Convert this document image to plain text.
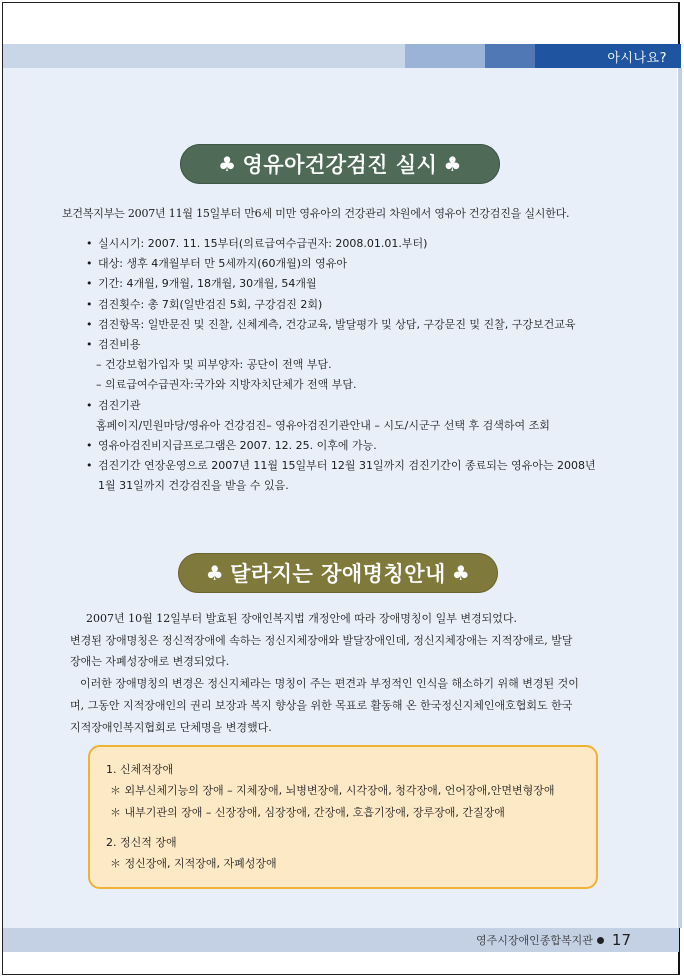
아시나요?
♣ 영유아건강검진 실시 ♣
보건복지부는 2007년 11월 15일부터 만6세 미만 영유아의 건강관리 차원에서 영유아 건강검진을 실시한다.
• 실시시기: 2007. 11. 15부터(의료급여수급권자: 2008.01.01.부터)
• 대상: 생후 4개월부터 만 5세까지(60개월)의 영유아
• 기간: 4개월, 9개월, 18개월, 30개월, 54개월
• 검진횟수: 총 7회(일반검진 5회, 구강검진 2회)
• 검진항목: 일반문진 및 진찰, 신체계측, 건강교육, 발달평가 및 상담, 구강문진 및 진찰, 구강보건교육
• 검진비용
– 건강보험가입자 및 피부양자: 공단이 전액 부담.
– 의료급여수급권자:국가와 지방자치단체가 전액 부담.
• 검진기관
홈페이지/민원마당/영유아 건강검진– 영유아검진기관안내 – 시도/시군구 선택 후 검색하여 조회
• 영유아검진비지급프로그램은 2007. 12. 25. 이후에 가능.
• 검진기간 연장운영으로 2007년 11월 15일부터 12월 31일까지 검진기간이 종료되는 영유아는 2008년
1월 31일까지 건강검진을 받을 수 있음.
♣ 달라지는 장애명칭안내 ♣

2007년 10월 12일부터 발효된 장애인복지법 개정안에 따라 장애명칭이 일부 변경되었다.

변경된 장애명칭은 정신적장애에 속하는 정신지체장애와 발달장애인데, 정신지체장애는 지적장애로, 발달

장애는 자폐성장애로 변경되었다.

이러한 장애명칭의 변경은 정신지체라는 명칭이 주는 편견과 부정적인 인식을 해소하기 위해 변경된 것이

며, 그동안 지적장애인의 권리 보장과 복지 향상을 위한 목표로 활동해 온 한국정신지체인애호협회도 한국

지적장애인복지협회로 단체명을 변경했다.

1. 신체적장애
＊ 외부신체기능의 장애 – 지체장애, 뇌병변장애, 시각장애, 청각장애, 언어장애,안면변형장애
＊ 내부기관의 장애 – 신장장애, 심장장애, 간장애, 호흡기장애, 장루장애, 간질장애
2. 정신적 장애
＊ 정신장애, 지적장애, 자폐성장애
영주시장애인종합복지관 17
